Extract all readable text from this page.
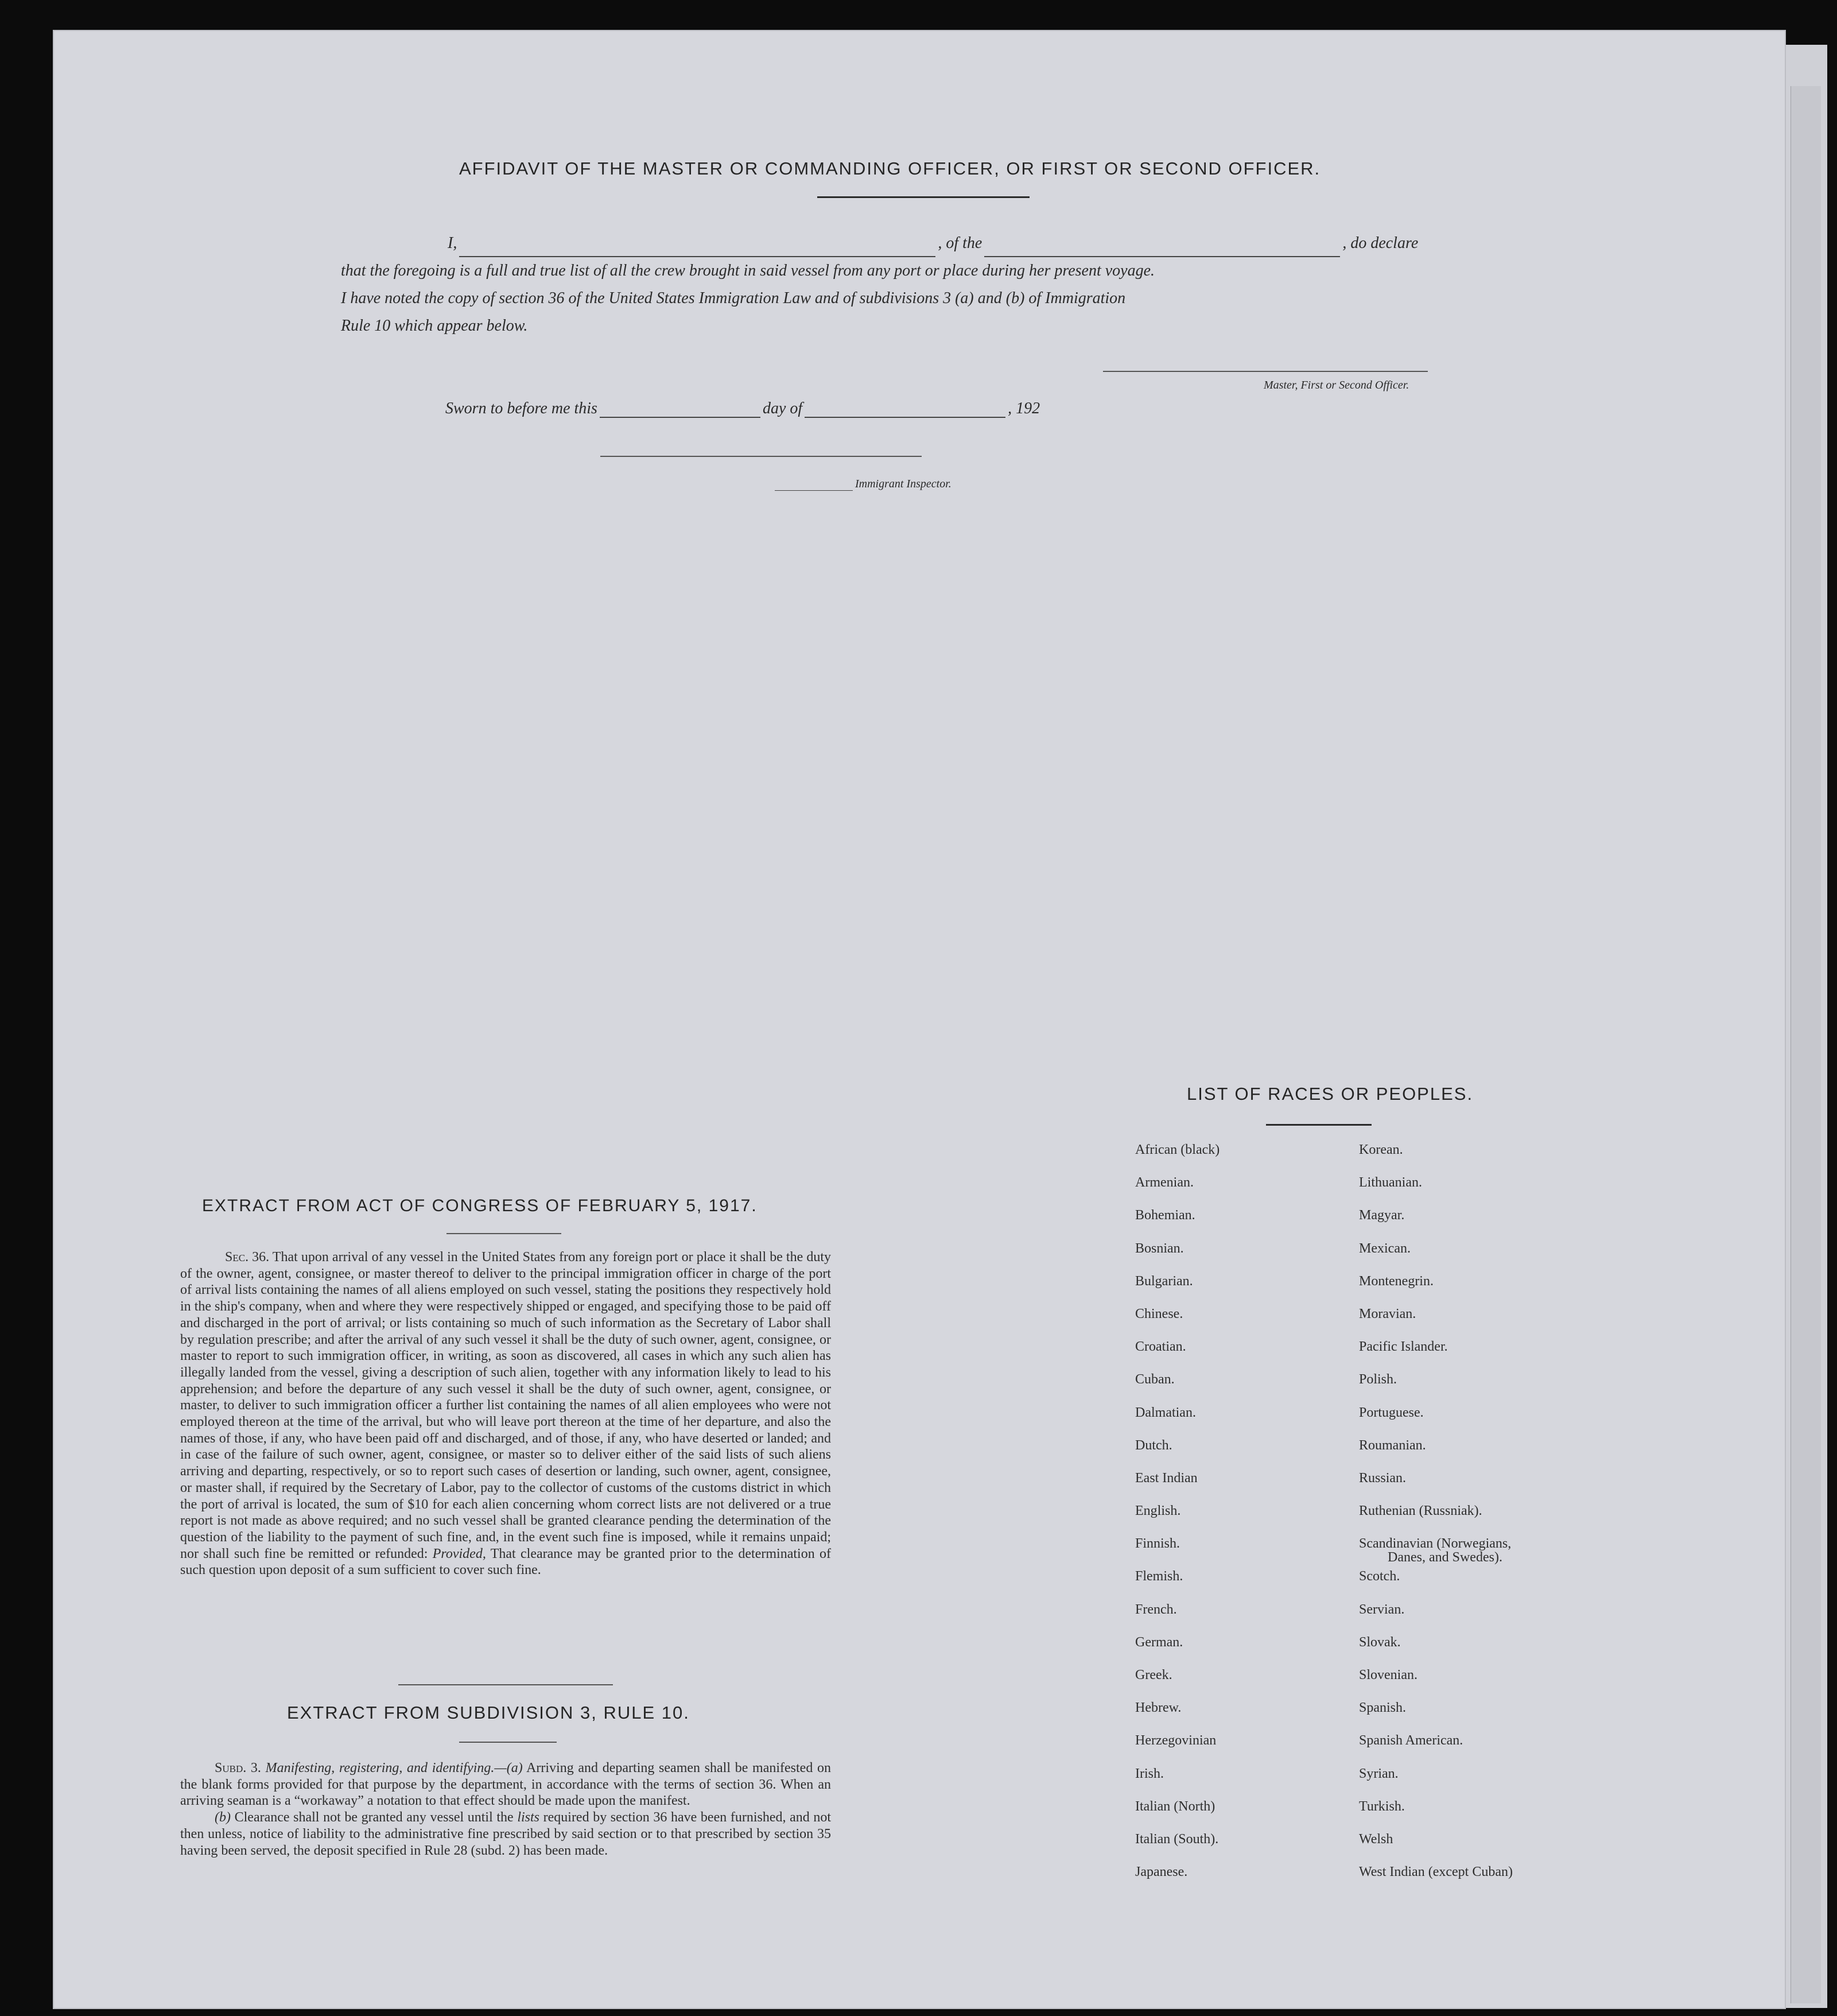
AFFIDAVIT OF THE MASTER OR COMMANDING OFFICER, OR FIRST OR SECOND OFFICER.
I,	, of the	, do declare
that the foregoing is a full and true list of all the crew brought in said vessel from any port or place during her present voyage.
I have noted the copy of section 36 of the United States Immigration Law and of subdivisions 3 (a) and (b) of Immigration
Rule 10 which appear below.
Master, First or Second Officer.
Sworn to before me this	day of	, 192
Immigrant Inspector.
EXTRACT FROM ACT OF CONGRESS OF FEBRUARY 5, 1917.
Sec. 36. That upon arrival of any vessel in the United States from any foreign port or place it shall be the duty of the owner, agent, consignee, or master thereof to deliver to the principal immigration officer in charge of the port of arrival lists containing the names of all aliens employed on such vessel, stating the positions they respectively hold in the ship's company, when and where they were respectively shipped or engaged, and specifying those to be paid off and discharged in the port of arrival; or lists containing so much of such information as the Secretary of Labor shall by regulation prescribe; and after the arrival of any such vessel it shall be the duty of such owner, agent, consignee, or master to report to such immigration officer, in writing, as soon as discovered, all cases in which any such alien has illegally landed from the vessel, giving a description of such alien, together with any information likely to lead to his apprehension; and before the departure of any such vessel it shall be the duty of such owner, agent, consignee, or master, to deliver to such immigration officer a further list containing the names of all alien employees who were not employed thereon at the time of the arrival, but who will leave port thereon at the time of her departure, and also the names of those, if any, who have been paid off and discharged, and of those, if any, who have deserted or landed; and in case of the failure of such owner, agent, consignee, or master so to deliver either of the said lists of such aliens arriving and departing, respectively, or so to report such cases of desertion or landing, such owner, agent, consignee, or master shall, if required by the Secretary of Labor, pay to the collector of customs of the customs district in which the port of arrival is located, the sum of $10 for each alien concerning whom correct lists are not delivered or a true report is not made as above required; and no such vessel shall be granted clearance pending the determination of the question of the liability to the payment of such fine, and, in the event such fine is imposed, while it remains unpaid; nor shall such fine be remitted or refunded: Provided, That clearance may be granted prior to the determination of such question upon deposit of a sum sufficient to cover such fine.
EXTRACT FROM SUBDIVISION 3, RULE 10.
Subd. 3. Manifesting, registering, and identifying.—(a) Arriving and departing seamen shall be manifested on the blank forms provided for that purpose by the department, in accordance with the terms of section 36. When an arriving seaman is a “workaway” a notation to that effect should be made upon the manifest.
(b) Clearance shall not be granted any vessel until the lists required by section 36 have been furnished, and not then unless, notice of liability to the administrative fine prescribed by said section or to that prescribed by section 35 having been served, the deposit specified in Rule 28 (subd. 2) has been made.
LIST OF RACES OR PEOPLES.
African (black)	Korean.
Armenian.	Lithuanian.
Bohemian.	Magyar.
Bosnian.	Mexican.
Bulgarian.	Montenegrin.
Chinese.	Moravian.
Croatian.	Pacific Islander.
Cuban.	Polish.
Dalmatian.	Portuguese.
Dutch.	Roumanian.
East Indian	Russian.
English.	Ruthenian (Russniak).
Finnish.	Scandinavian (Norwegians,
Danes, and Swedes).
Flemish.	Scotch.
French.	Servian.
German.	Slovak.
Greek.	Slovenian.
Hebrew.	Spanish.
Herzegovinian	Spanish American.
Irish.	Syrian.
Italian (North)	Turkish.
Italian (South).	Welsh
Japanese.	West Indian (except Cuban)
